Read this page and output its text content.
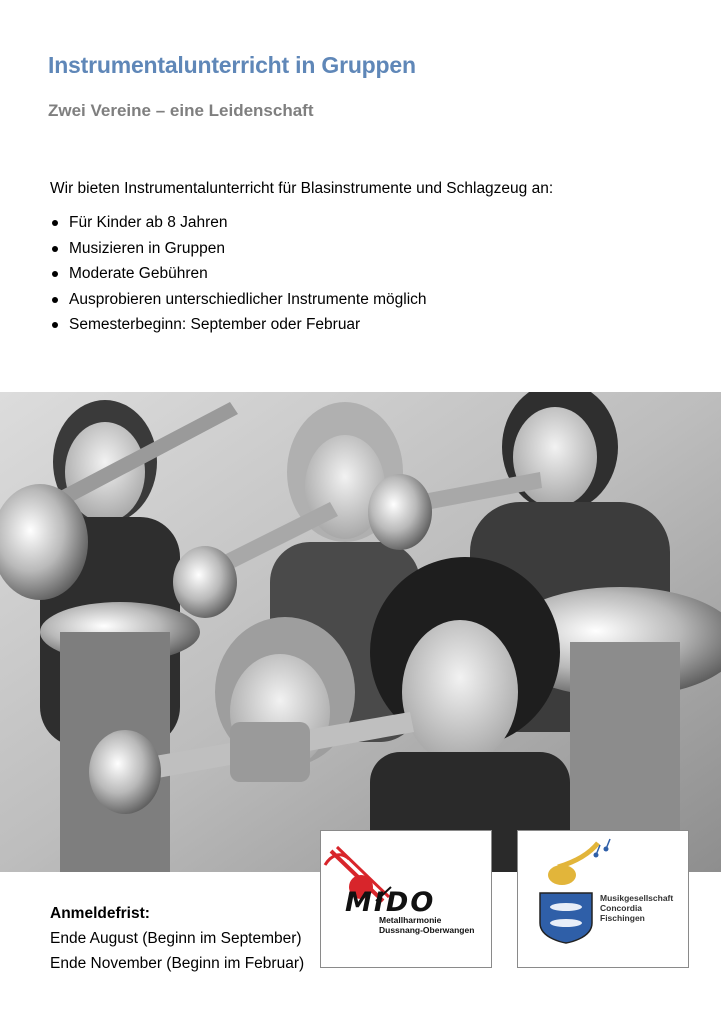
Instrumentalunterricht in Gruppen
Zwei Vereine – eine Leidenschaft

Wir bieten Instrumentalunterricht für Blasinstrumente und Schlagzeug an:

Für Kinder ab 8 Jahren
Musizieren in Gruppen
Moderate Gebühren
Ausprobieren unterschiedlicher Instrumente möglich
Semesterbeginn: September oder Februar
Anmeldefrist:
Ende August (Beginn im September)
Ende November (Beginn im Februar)
MIDO
Metallharmonie
Dussnang-Oberwangen
Musikgesellschaft
Concordia
Fischingen
